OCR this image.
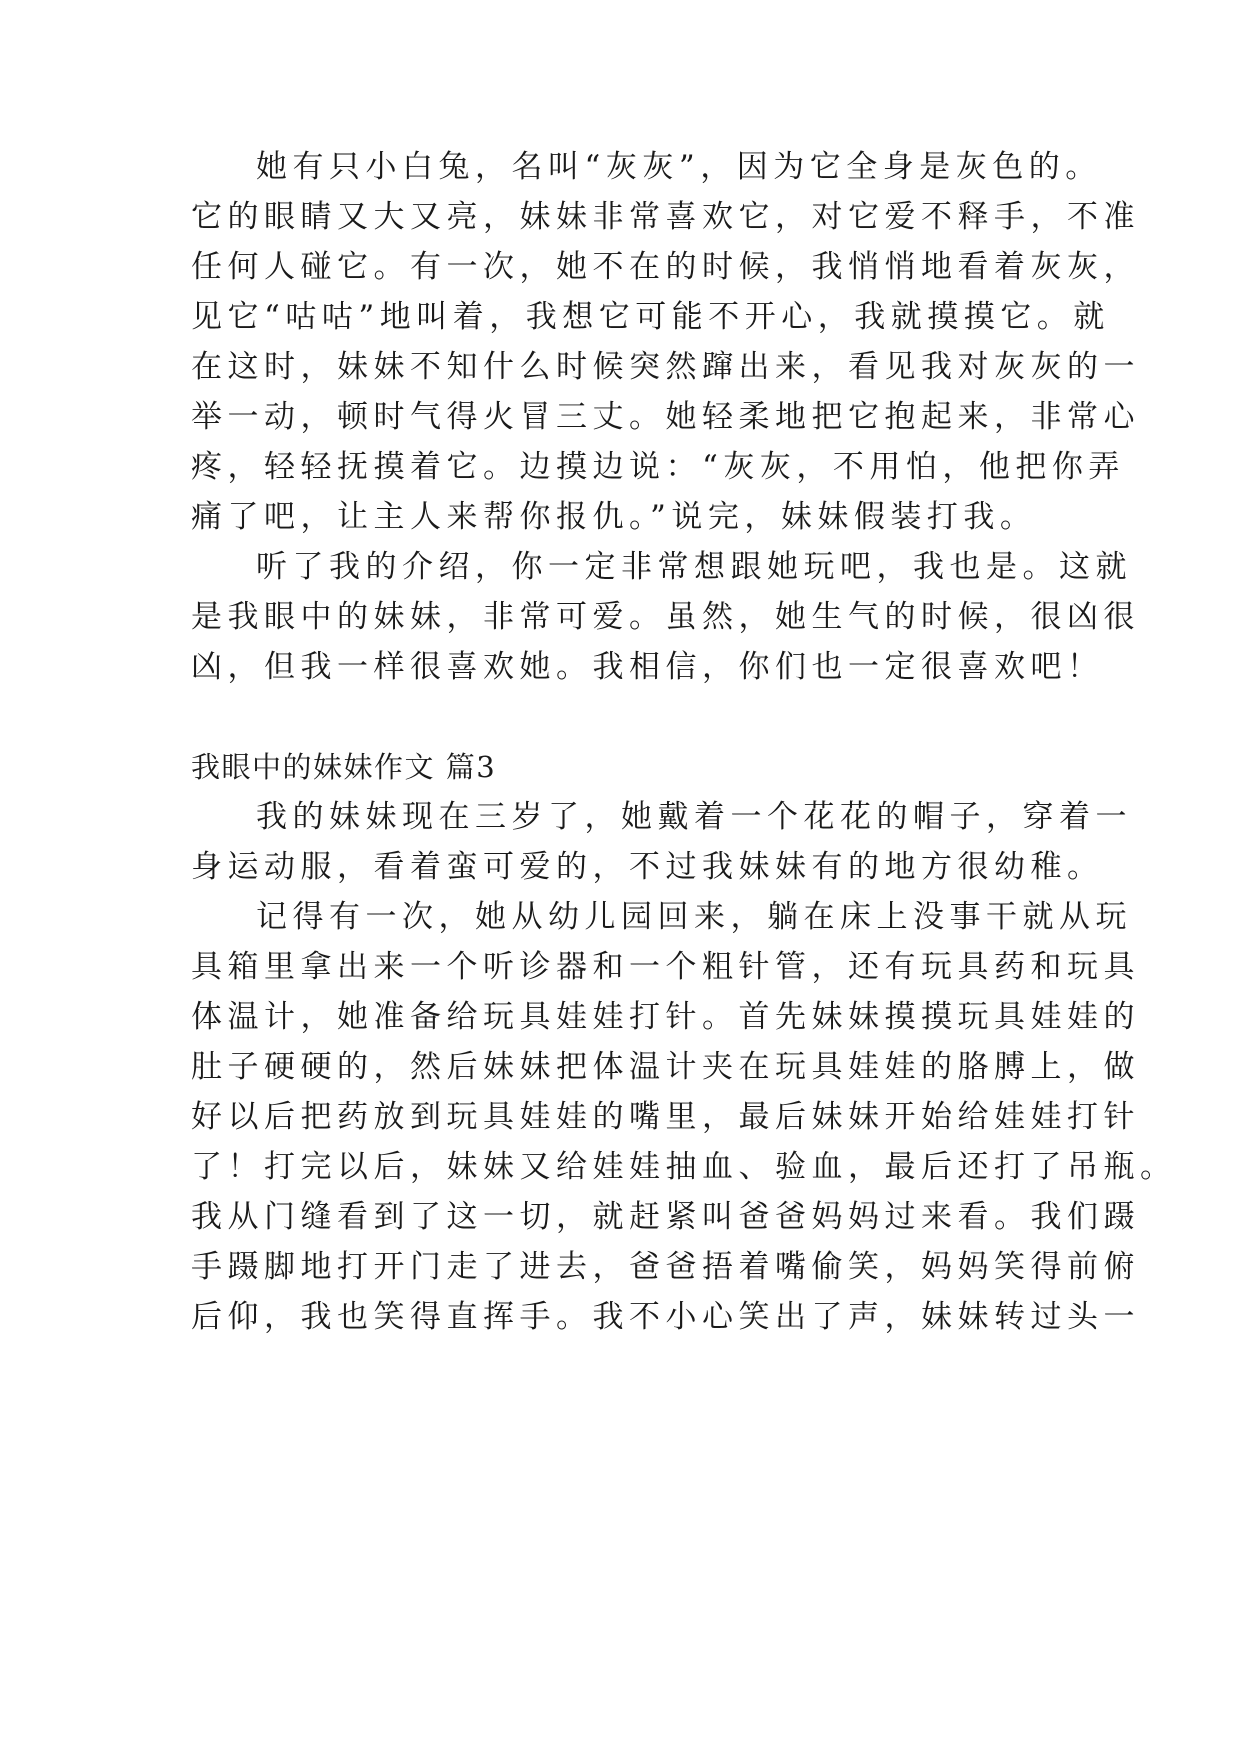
她有只小白兔，名叫“灰灰”，因为它全身是灰色的。
它的眼睛又大又亮，妹妹非常喜欢它，对它爱不释手，不准
任何人碰它。有一次，她不在的时候，我悄悄地看着灰灰，
见它“咕咕”地叫着，我想它可能不开心，我就摸摸它。就
在这时，妹妹不知什么时候突然蹿出来，看见我对灰灰的一
举一动，顿时气得火冒三丈。她轻柔地把它抱起来，非常心
疼，轻轻抚摸着它。边摸边说：“灰灰，不用怕，他把你弄
痛了吧，让主人来帮你报仇。”说完，妹妹假装打我。
听了我的介绍，你一定非常想跟她玩吧，我也是。这就
是我眼中的妹妹，非常可爱。虽然，她生气的时候，很凶很
凶，但我一样很喜欢她。我相信，你们也一定很喜欢吧！
我眼中的妹妹作文 篇3
我的妹妹现在三岁了，她戴着一个花花的帽子，穿着一
身运动服，看着蛮可爱的，不过我妹妹有的地方很幼稚。
记得有一次，她从幼儿园回来，躺在床上没事干就从玩
具箱里拿出来一个听诊器和一个粗针管，还有玩具药和玩具
体温计，她准备给玩具娃娃打针。首先妹妹摸摸玩具娃娃的
肚子硬硬的，然后妹妹把体温计夹在玩具娃娃的胳膊上，做
好以后把药放到玩具娃娃的嘴里，最后妹妹开始给娃娃打针
了！打完以后，妹妹又给娃娃抽血、验血，最后还打了吊瓶。
我从门缝看到了这一切，就赶紧叫爸爸妈妈过来看。我们蹑
手蹑脚地打开门走了进去，爸爸捂着嘴偷笑，妈妈笑得前俯
后仰，我也笑得直挥手。我不小心笑出了声，妹妹转过头一
